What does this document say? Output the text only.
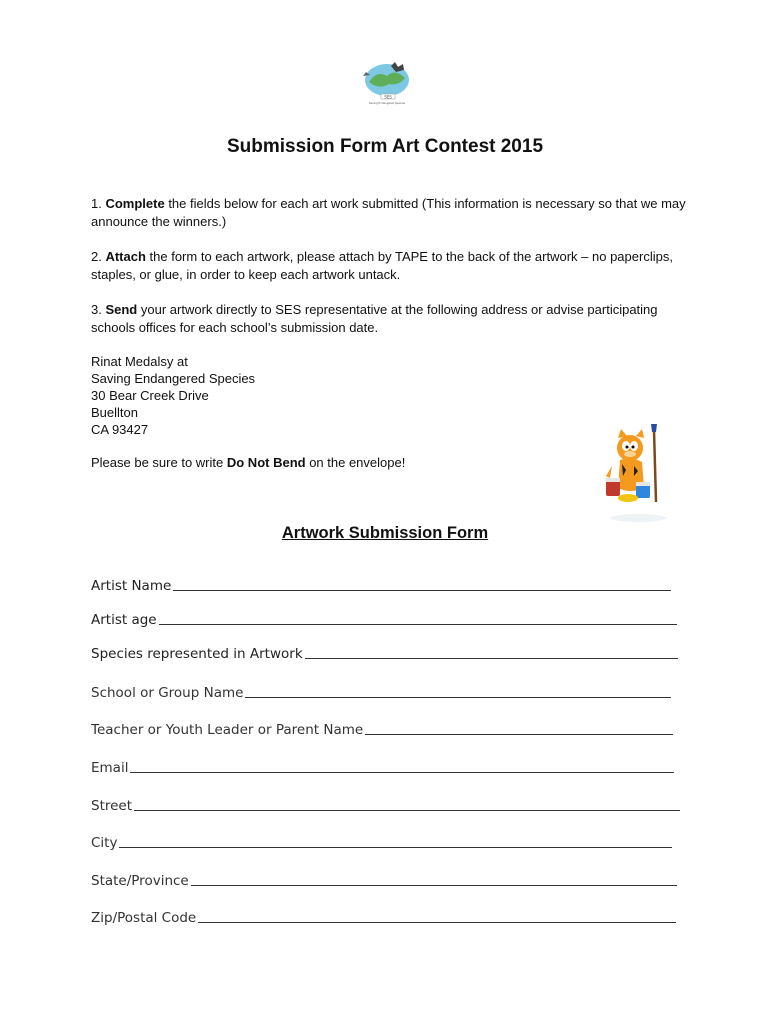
SES
Saving Endangered Species
Submission Form Art Contest 2015
1. Complete the fields below for each art work submitted (This information is necessary so that we may announce the winners.)
2. Attach the form to each artwork, please attach by TAPE to the back of the artwork – no paperclips, staples, or glue, in order to keep each artwork untack.
3. Send your artwork directly to SES representative at the following address or advise participating schools offices for each school’s submission date.
Rinat Medalsy at
Saving Endangered Species
30 Bear Creek Drive
Buellton
CA 93427
Please be sure to write Do Not Bend on the envelope!
Artwork Submission Form
Artist Name
Artist age
Species represented in Artwork
School or Group Name
Teacher or Youth Leader or Parent Name
Email
Street
City
State/Province
Zip/Postal Code
